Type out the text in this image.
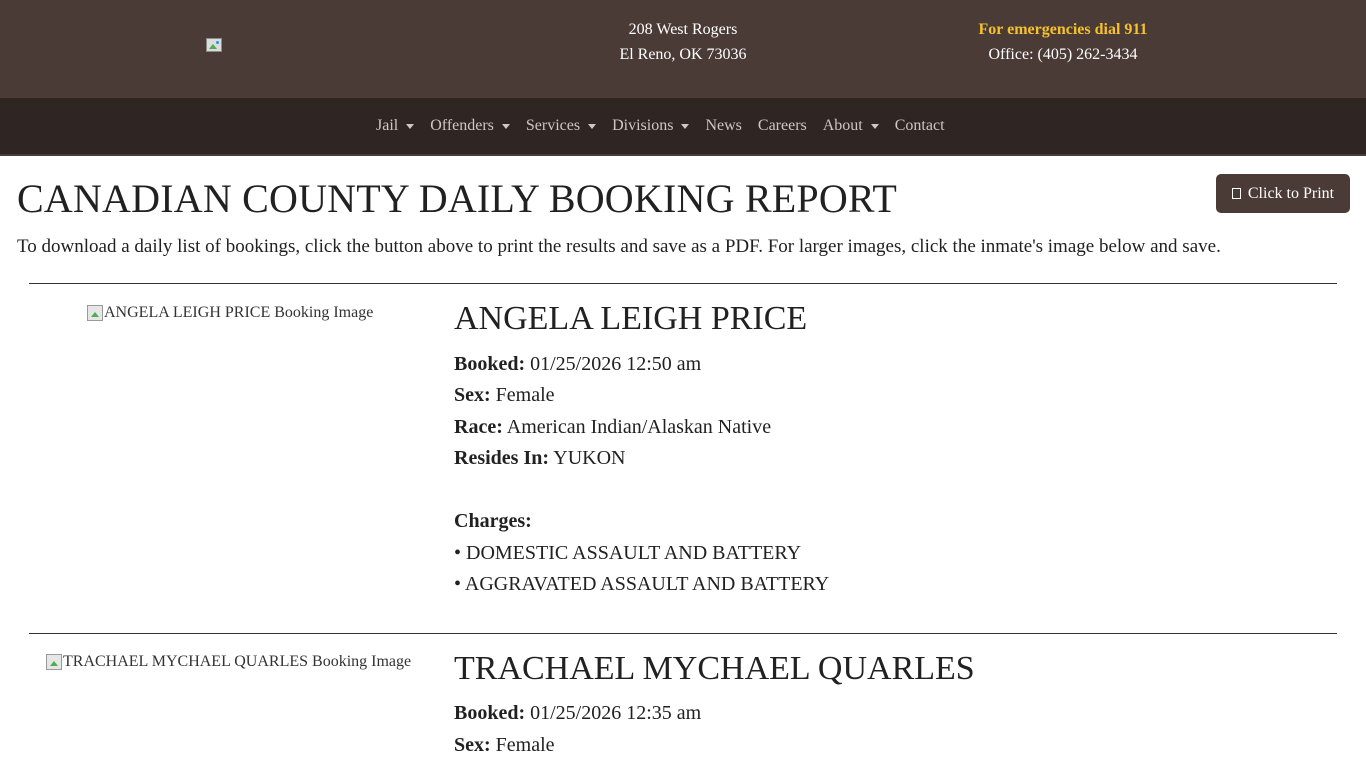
208 West Rogers
El Reno, OK 73036
For emergencies dial 911
Office: (405) 262-3434
Jail Offenders Services Divisions News Careers About Contact
CANADIAN COUNTY DAILY BOOKING REPORT	Click to Print

To download a daily list of bookings, click the button above to print the results and save as a PDF. For larger images, click the inmate's image below and save.

ANGELA LEIGH PRICE Booking Image ANGELA LEIGH PRICE
Booked: 01/25/2026 12:50 am
Sex: Female
Race: American Indian/Alaskan Native
Resides In: YUKON
Charges:
• DOMESTIC ASSAULT AND BATTERY
• AGGRAVATED ASSAULT AND BATTERY
TRACHAEL MYCHAEL QUARLES Booking Image TRACHAEL MYCHAEL QUARLES
Booked: 01/25/2026 12:35 am
Sex: Female
